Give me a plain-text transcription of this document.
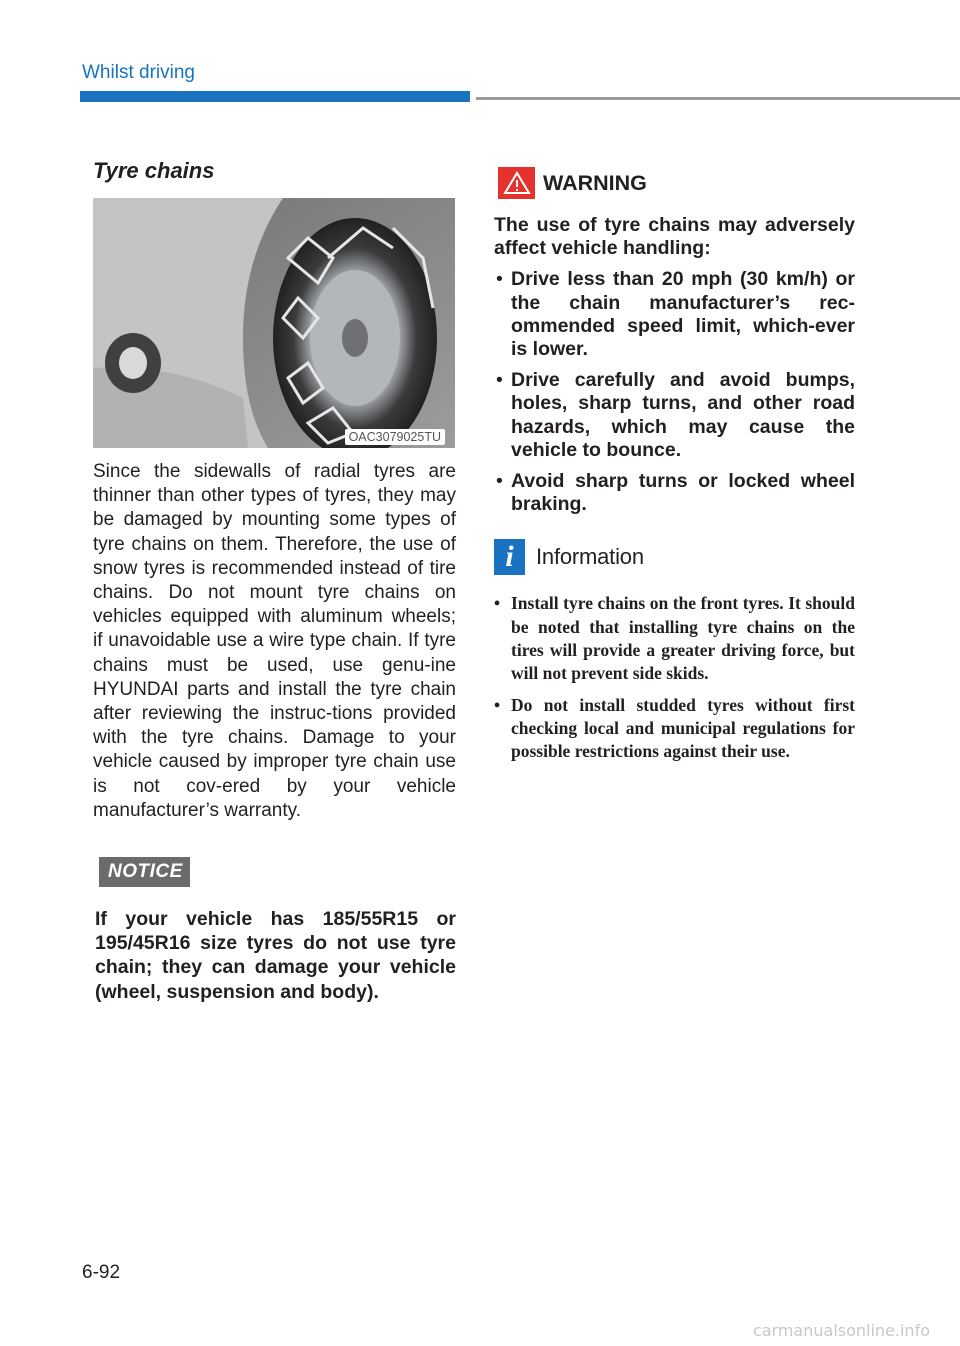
Whilst driving
Tyre chains
OAC3079025TU

Since the sidewalls of radial tyres are thinner than other types of tyres, they may be damaged by mounting some types of tyre chains on them. Therefore, the use of snow tyres is recommended instead of tire chains. Do not mount tyre chains on vehicles equipped with aluminum wheels; if unavoidable use a wire type chain. If tyre chains must be used, use genu-ine HYUNDAI parts and install the tyre chain after reviewing the instruc-tions provided with the tyre chains. Damage to your vehicle caused by improper tyre chain use is not cov-ered by your vehicle manufacturer’s warranty.

NOTICE

If your vehicle has 185/55R15 or 195/45R16 size tyres do not use tyre chain; they can damage your vehicle (wheel, suspension and body).

WARNING

The use of tyre chains may adversely affect vehicle handling:

• Drive less than 20 mph (30 km/h) or the chain manufacturer’s rec-ommended speed limit, which-ever is lower.
• Drive carefully and avoid bumps, holes, sharp turns, and other road hazards, which may cause the vehicle to bounce.
• Avoid sharp turns or locked wheel braking.
i	Information
• Install tyre chains on the front tyres. It should be noted that installing tyre chains on the tires will provide a greater driving force, but will not prevent side skids.
• Do not install studded tyres without first checking local and municipal regulations for possible restrictions against their use.
6-92
carmanualsonline.info
